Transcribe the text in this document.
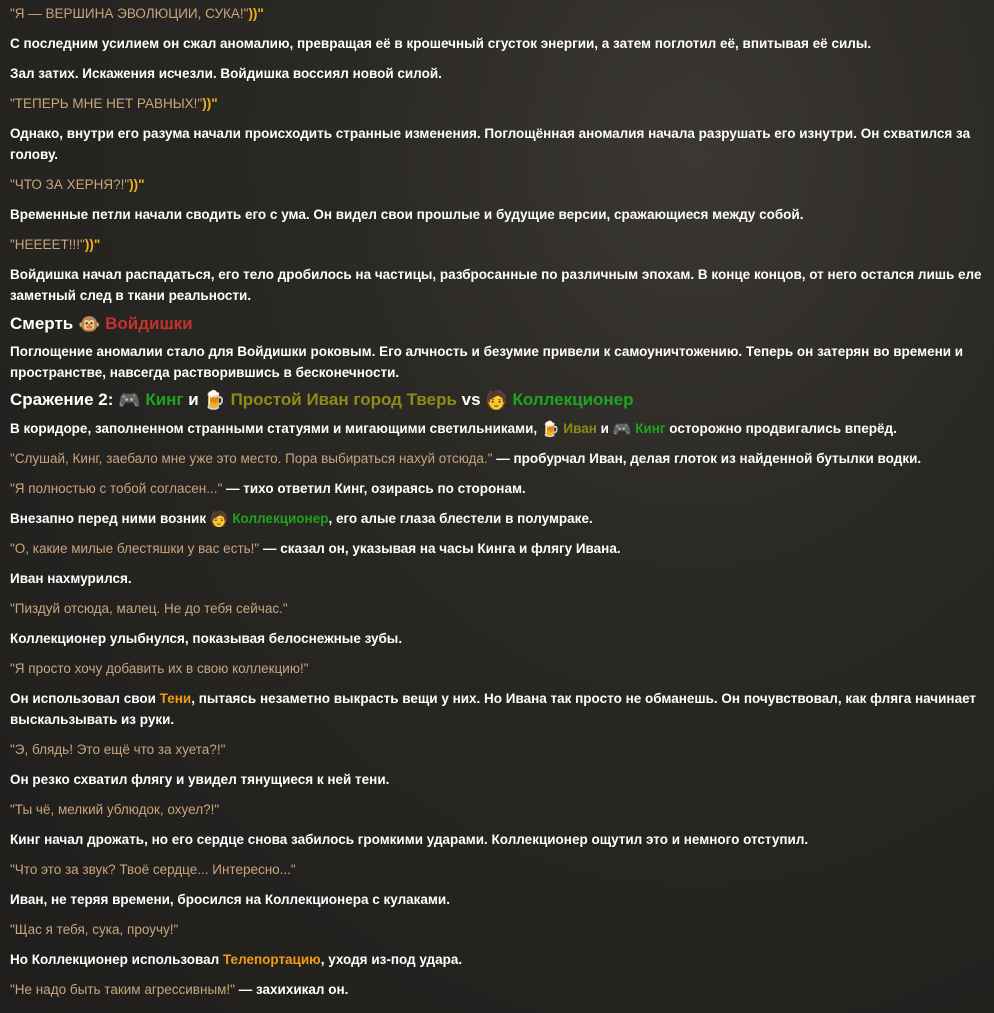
"Я — ВЕРШИНА ЭВОЛЮЦИИ, СУКА!"))"

С последним усилием он сжал аномалию, превращая её в крошечный сгусток энергии, а затем поглотил её, впитывая её силы.

Зал затих. Искажения исчезли. Войдишка воссиял новой силой.

"ТЕПЕРЬ МНЕ НЕТ РАВНЫХ!"))"

Однако, внутри его разума начали происходить странные изменения. Поглощённая аномалия начала разрушать его изнутри. Он схватился за голову.

"ЧТО ЗА ХЕРНЯ?!"))"

Временные петли начали сводить его с ума. Он видел свои прошлые и будущие версии, сражающиеся между собой.

"НЕЕЕЕТ!!!"))"

Войдишка начал распадаться, его тело дробилось на частицы, разбросанные по различным эпохам. В конце концов, от него остался лишь еле заметный след в ткани реальности.

Смерть 🐵 Войдишки

Поглощение аномалии стало для Войдишки роковым. Его алчность и безумие привели к самоуничтожению. Теперь он затерян во времени и пространстве, навсегда растворившись в бесконечности.

Сражение 2: 🎮 Кинг и 🍺 Простой Иван город Тверь vs 🧑 Коллекционер

В коридоре, заполненном странными статуями и мигающими светильниками, 🍺 Иван и 🎮 Кинг осторожно продвигались вперёд.

"Слушай, Кинг, заебало мне уже это место. Пора выбираться нахуй отсюда." — пробурчал Иван, делая глоток из найденной бутылки водки.

"Я полностью с тобой согласен..." — тихо ответил Кинг, озираясь по сторонам.

Внезапно перед ними возник 🧑 Коллекционер, его алые глаза блестели в полумраке.

"О, какие милые блестяшки у вас есть!" — сказал он, указывая на часы Кинга и флягу Ивана.

Иван нахмурился.

"Пиздуй отсюда, малец. Не до тебя сейчас."

Коллекционер улыбнулся, показывая белоснежные зубы.

"Я просто хочу добавить их в свою коллекцию!"

Он использовал свои Тени, пытаясь незаметно выкрасть вещи у них. Но Ивана так просто не обманешь. Он почувствовал, как фляга начинает выскальзывать из руки.

"Э, блядь! Это ещё что за хуета?!"

Он резко схватил флягу и увидел тянущиеся к ней тени.

"Ты чё, мелкий ублюдок, охуел?!"

Кинг начал дрожать, но его сердце снова забилось громкими ударами. Коллекционер ощутил это и немного отступил.

"Что это за звук? Твоё сердце... Интересно..."

Иван, не теряя времени, бросился на Коллекционера с кулаками.

"Щас я тебя, сука, проучу!"

Но Коллекционер использовал Телепортацию, уходя из-под удара.

"Не надо быть таким агрессивным!" — захихикал он.
